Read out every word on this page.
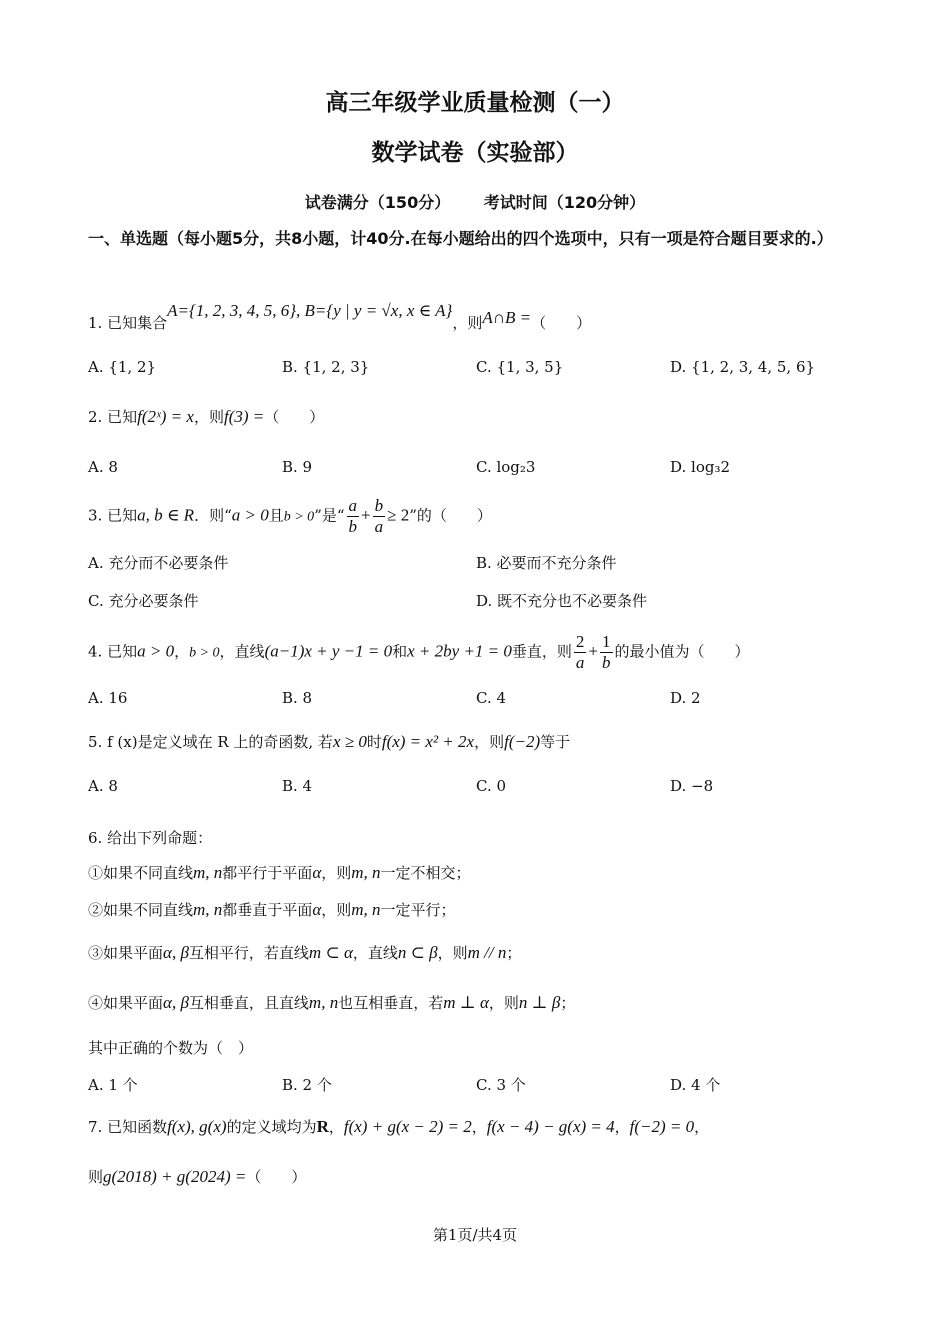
高三年级学业质量检测（一）
数学试卷（实验部）
试卷满分（150分） 考试时间（120分钟）
一、单选题（每小题5分，共8小题，计40分.在每小题给出的四个选项中，只有一项是符合题目要求的.）
1. 已知集合A={1, 2, 3, 4, 5, 6}, B={y | y = √x, x ∈ A}，则A∩B =（　　）
A. {1, 2}	B. {1, 2, 3}	C. {1, 3, 5}	D. {1, 2, 3, 4, 5, 6}
2. 已知f(2ˣ) = x，则f(3) =（　　）
A. 8	B. 9	C. log₂3	D. log₃2
3. 已知a, b ∈ R．则“a > 0且b > 0”是“ $\frac{a}{b} + \frac{b}{a} \ge 2$”的（　　）
A. 充分而不必要条件	B. 必要而不充分条件
C. 充分必要条件	D. 既不充分也不必要条件
4. 已知a > 0，b > 0，直线(a−1)x + y −1 = 0和x + 2by +1 = 0垂直，则 $\frac{2}{a} + \frac{1}{b}$ 的最小值为（　　）
A. 16	B. 8	C. 4	D. 2
5. f (x)是定义域在 R 上的奇函数, 若x ≥ 0时f(x) = x² + 2x，则f(−2)等于
A. 8	B. 4	C. 0	D. −8
6. 给出下列命题：
①如果不同直线m, n都平行于平面α，则m, n一定不相交；
②如果不同直线m, n都垂直于平面α，则m, n一定平行；
③如果平面α, β互相平行，若直线m ⊂ α，直线n ⊂ β，则m // n；
④如果平面α, β互相垂直，且直线m, n也互相垂直，若m ⊥ α，则n ⊥ β；
其中正确的个数为（　）
A. 1 个	B. 2 个	C. 3 个	D. 4 个
7. 已知函数f(x), g(x)的定义域均为R，f(x) + g(x − 2) = 2，f(x − 4) − g(x) = 4，f(−2) = 0，
则g(2018) + g(2024) =（　　）
第1页/共4页
